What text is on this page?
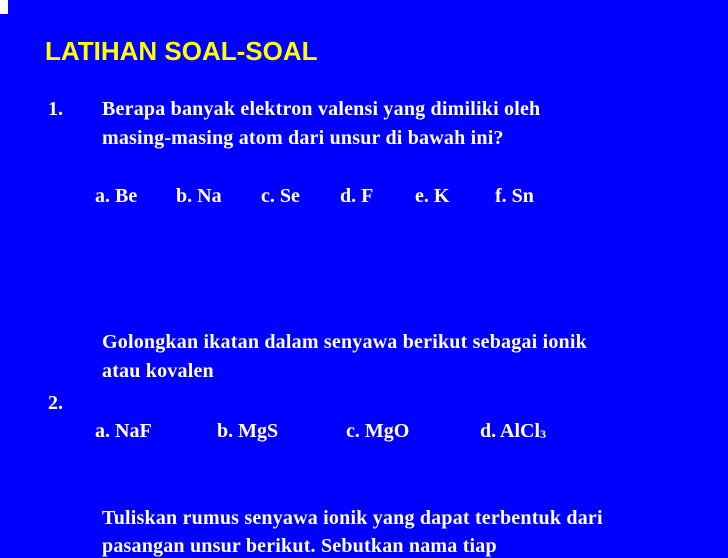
LATIHAN SOAL-SOAL
1. Berapa banyak elektron valensi yang dimiliki oleh
masing-masing atom dari unsur di bawah ini?
a. Be b. Na c. Se d. F e. K f. Sn
Golongkan ikatan dalam senyawa berikut sebagai ionik
atau kovalen
2.
a. NaF	b. MgS	c. MgO	d. AlCl$_3$
Tuliskan rumus senyawa ionik yang dapat terbentuk dari
pasangan unsur berikut. Sebutkan nama tiap
